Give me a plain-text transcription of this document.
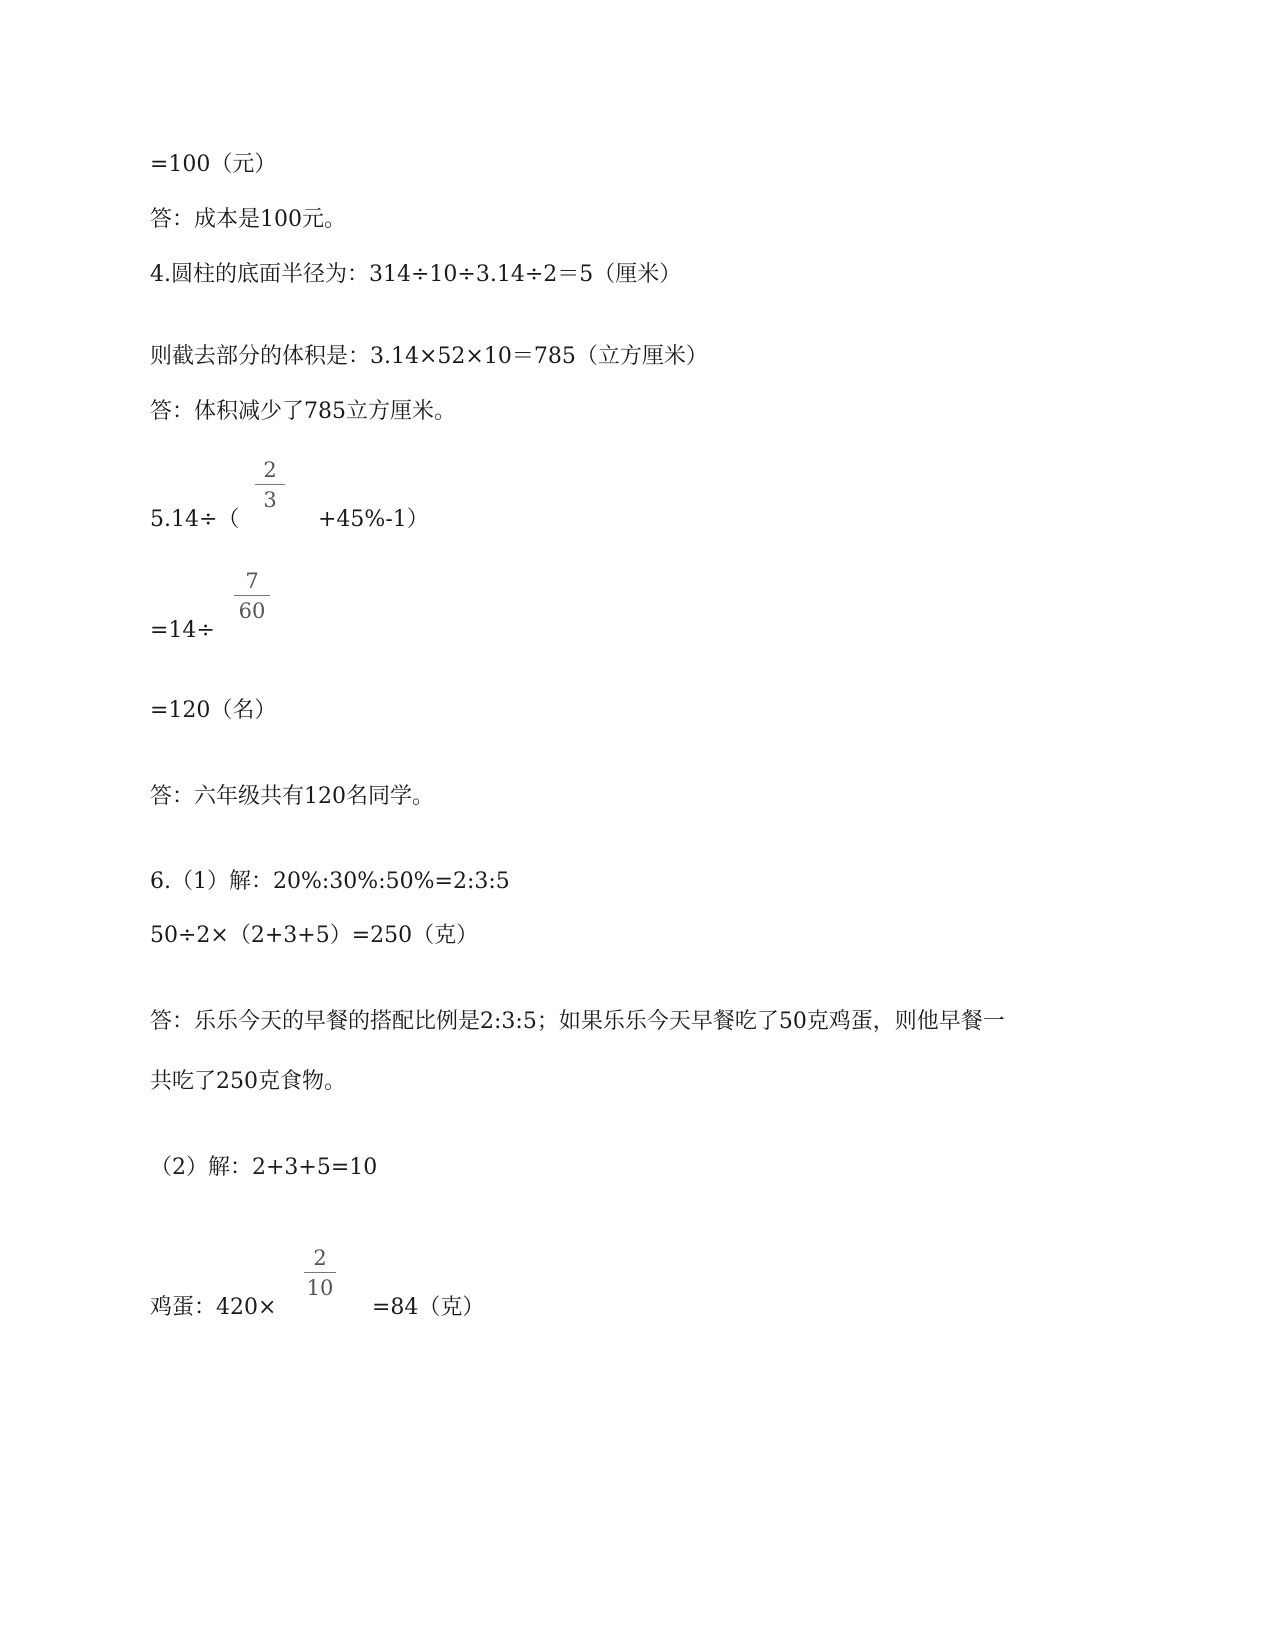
=100（元）
答：成本是100元。
4.圆柱的底面半径为：314÷10÷3.14÷2＝5（厘米）
则截去部分的体积是：3.14×52×10＝785（立方厘米）
答：体积减少了785立方厘米。
5.14÷（
2
3
+45%-1）
=14÷
7
60
=120（名）
答：六年级共有120名同学。
6.（1）解：20%:30%:50%=2:3:5
50÷2×（2+3+5）=250（克）
答：乐乐今天的早餐的搭配比例是2:3:5；如果乐乐今天早餐吃了50克鸡蛋，则他早餐一
共吃了250克食物。
（2）解：2+3+5=10
鸡蛋：420×
2
10
=84（克）
